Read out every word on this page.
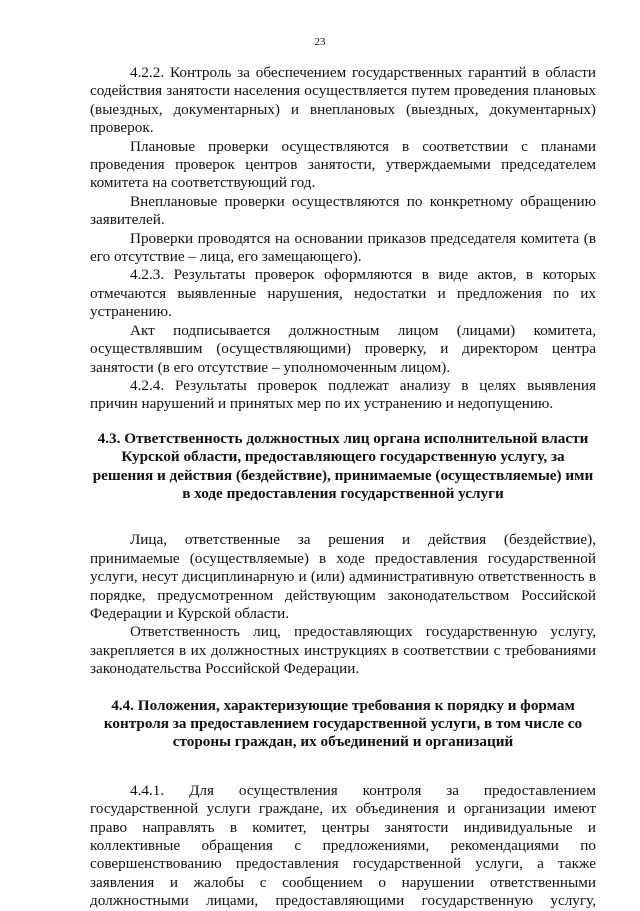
23

4.2.2. Контроль за обеспечением государственных гарантий в области содействия занятости населения осуществляется путем проведения плановых (выездных, документарных) и внеплановых (выездных, документарных) проверок.

Плановые проверки осуществляются в соответствии с планами проведения проверок центров занятости, утверждаемыми председателем комитета на соответствующий год.

Внеплановые проверки осуществляются по конкретному обращению заявителей.

Проверки проводятся на основании приказов председателя комитета (в его отсутствие – лица, его замещающего).

4.2.3. Результаты проверок оформляются в виде актов, в которых отмечаются выявленные нарушения, недостатки и предложения по их устранению.

Акт подписывается должностным лицом (лицами) комитета, осуществлявшим (осуществляющими) проверку, и директором центра занятости (в его отсутствие – уполномоченным лицом).

4.2.4. Результаты проверок подлежат анализу в целях выявления причин нарушений и принятых мер по их устранению и недопущению.

4.3. Ответственность должностных лиц органа исполнительной власти Курской области, предоставляющего государственную услугу, за решения и действия (бездействие), принимаемые (осуществляемые) ими в ходе предоставления государственной услуги

Лица, ответственные за решения и действия (бездействие), принимаемые (осуществляемые) в ходе предоставления государственной услуги, несут дисциплинарную и (или) административную ответственность в порядке, предусмотренном действующим законодательством Российской Федерации и Курской области.

Ответственность лиц, предоставляющих государственную услугу, закрепляется в их должностных инструкциях в соответствии с требованиями законодательства Российской Федерации.

4.4. Положения, характеризующие требования к порядку и формам контроля за предоставлением государственной услуги, в том числе со стороны граждан, их объединений и организаций

4.4.1. Для осуществления контроля за предоставлением государственной услуги граждане, их объединения и организации имеют право направлять в комитет, центры занятости индивидуальные и коллективные обращения с предложениями, рекомендациями по совершенствованию предоставления государственной услуги, а также заявления и жалобы с сообщением о нарушении ответственными должностными лицами, предоставляющими государственную услугу,
